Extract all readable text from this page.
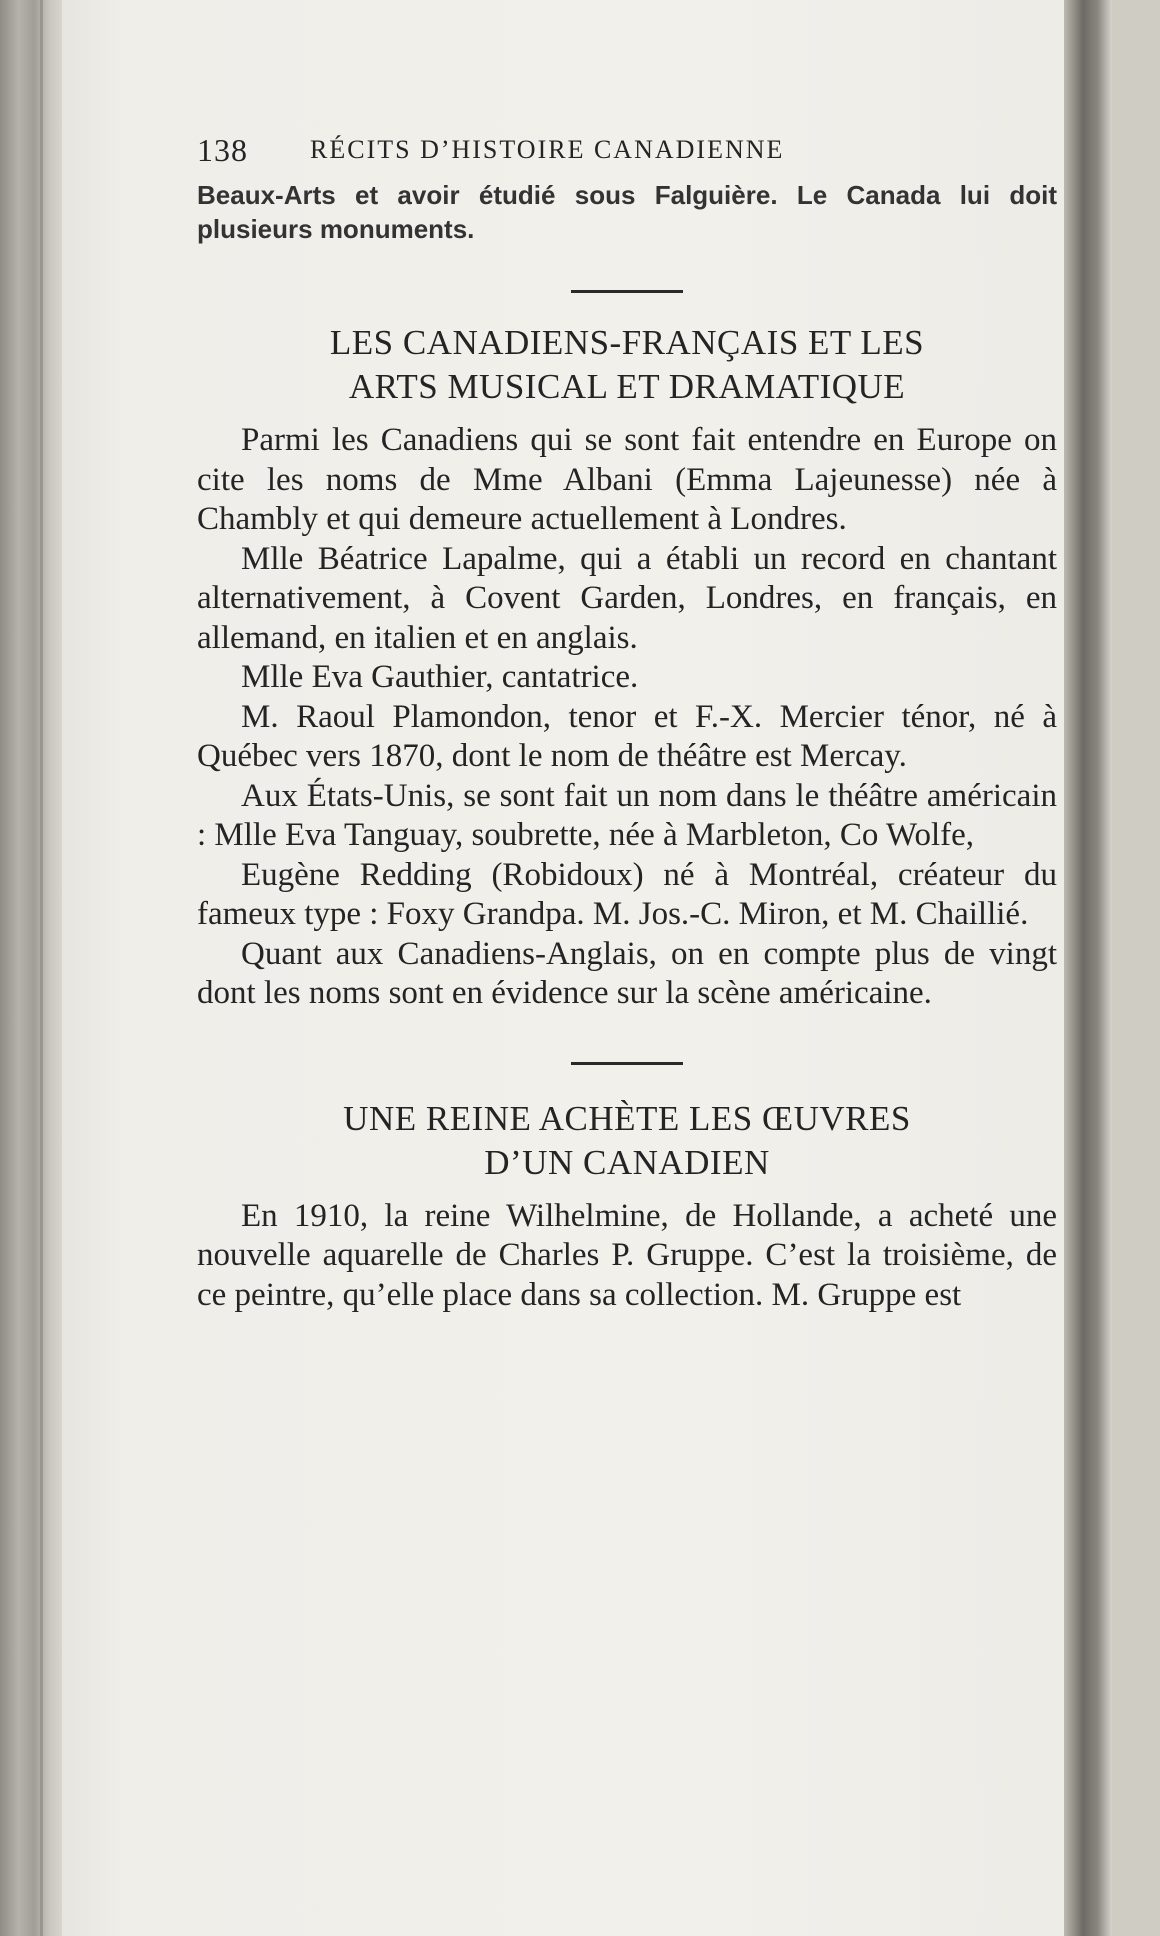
138 RÉCITS D’HISTOIRE CANADIENNE

Beaux-Arts et avoir étudié sous Falguière. Le Canada lui doit plusieurs monuments.

LES CANADIENS-FRANÇAIS ET LES
ARTS MUSICAL ET DRAMATIQUE

Parmi les Canadiens qui se sont fait entendre en Europe on cite les noms de Mme Albani (Emma Lajeunesse) née à Chambly et qui demeure actuellement à Londres.

Mlle Béatrice Lapalme, qui a établi un record en chantant alternativement, à Covent Garden, Londres, en français, en allemand, en italien et en anglais.

Mlle Eva Gauthier, cantatrice.

M. Raoul Plamondon, tenor et F.-X. Mercier ténor, né à Québec vers 1870, dont le nom de théâtre est Mercay.

Aux États-Unis, se sont fait un nom dans le théâtre américain : Mlle Eva Tanguay, soubrette, née à Marbleton, Co Wolfe,

Eugène Redding (Robidoux) né à Montréal, créateur du fameux type : Foxy Grandpa. M. Jos.-C. Miron, et M. Chaillié.

Quant aux Canadiens-Anglais, on en compte plus de vingt dont les noms sont en évidence sur la scène américaine.

UNE REINE ACHÈTE LES ŒUVRES
D’UN CANADIEN

En 1910, la reine Wilhelmine, de Hollande, a acheté une nouvelle aquarelle de Charles P. Gruppe. C’est la troisième, de ce peintre, qu’elle place dans sa collection. M. Gruppe est
